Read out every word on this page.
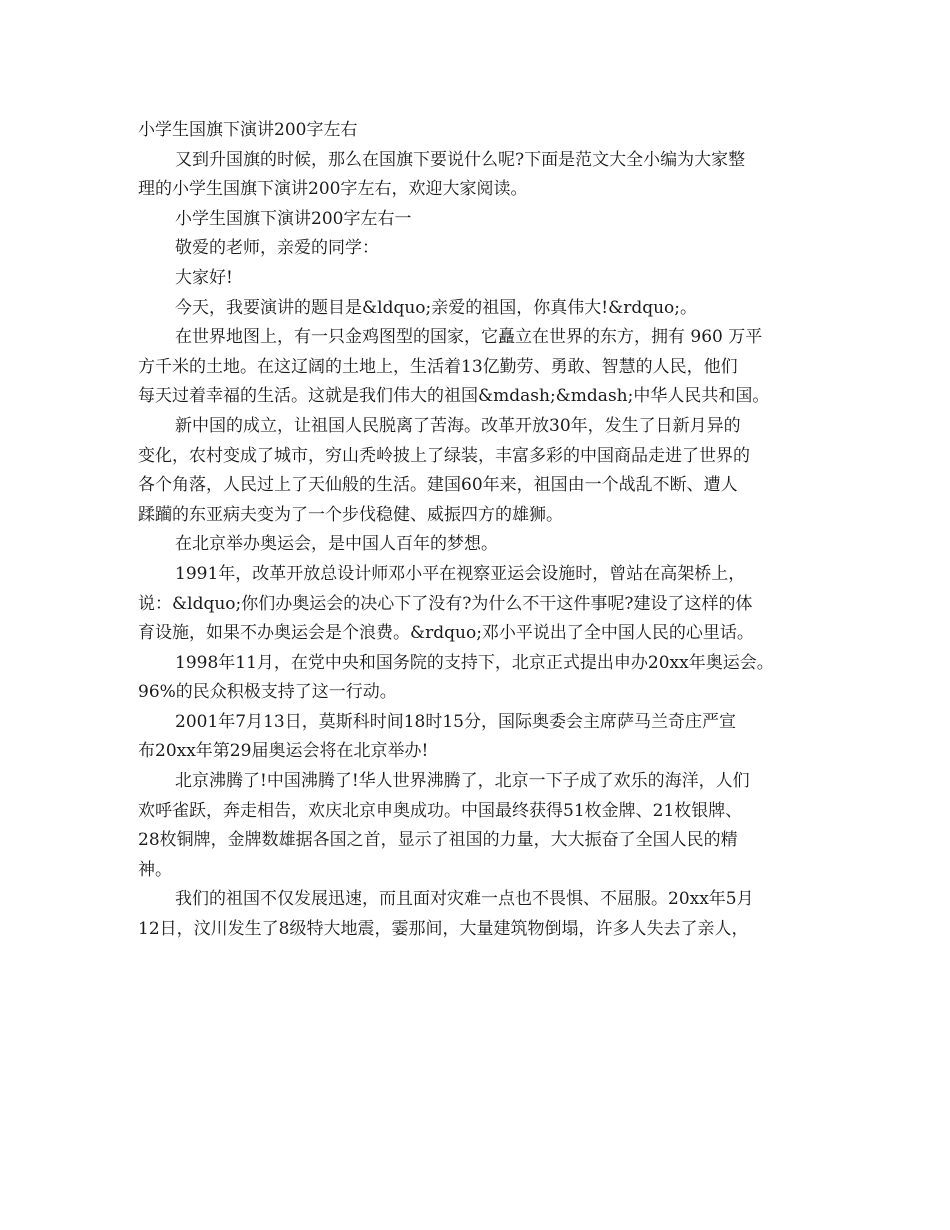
小学生国旗下演讲200字左右

又到升国旗的时候，那么在国旗下要说什么呢?下面是范文大全小编为大家整

理的小学生国旗下演讲200字左右，欢迎大家阅读。

小学生国旗下演讲200字左右一

敬爱的老师，亲爱的同学：

大家好!

今天，我要演讲的题目是&ldquo;亲爱的祖国，你真伟大!&rdquo;。

在世界地图上，有一只金鸡图型的国家，它矗立在世界的东方，拥有 960 万平

方千米的土地。在这辽阔的土地上，生活着13亿勤劳、勇敢、智慧的人民，他们

每天过着幸福的生活。这就是我们伟大的祖国&mdash;&mdash;中华人民共和国。

新中国的成立，让祖国人民脱离了苦海。改革开放30年，发生了日新月异的

变化，农村变成了城市，穷山秃岭披上了绿装，丰富多彩的中国商品走进了世界的

各个角落，人民过上了天仙般的生活。建国60年来，祖国由一个战乱不断、遭人

蹂躏的东亚病夫变为了一个步伐稳健、威振四方的雄狮。

在北京举办奥运会，是中国人百年的梦想。

1991年，改革开放总设计师邓小平在视察亚运会设施时，曾站在高架桥上，

说：&ldquo;你们办奥运会的决心下了没有?为什么不干这件事呢?建设了这样的体

育设施，如果不办奥运会是个浪费。&rdquo;邓小平说出了全中国人民的心里话。

1998年11月，在党中央和国务院的支持下，北京正式提出申办20xx年奥运会。

96%的民众积极支持了这一行动。

2001年7月13日，莫斯科时间18时15分，国际奥委会主席萨马兰奇庄严宣

布20xx年第29届奥运会将在北京举办!

北京沸腾了!中国沸腾了!华人世界沸腾了，北京一下子成了欢乐的海洋，人们

欢呼雀跃，奔走相告，欢庆北京申奥成功。中国最终获得51枚金牌、21枚银牌、

28枚铜牌，金牌数雄据各国之首，显示了祖国的力量，大大振奋了全国人民的精

神。

我们的祖国不仅发展迅速，而且面对灾难一点也不畏惧、不屈服。20xx年5月

12日，汶川发生了8级特大地震，霎那间，大量建筑物倒塌，许多人失去了亲人，
